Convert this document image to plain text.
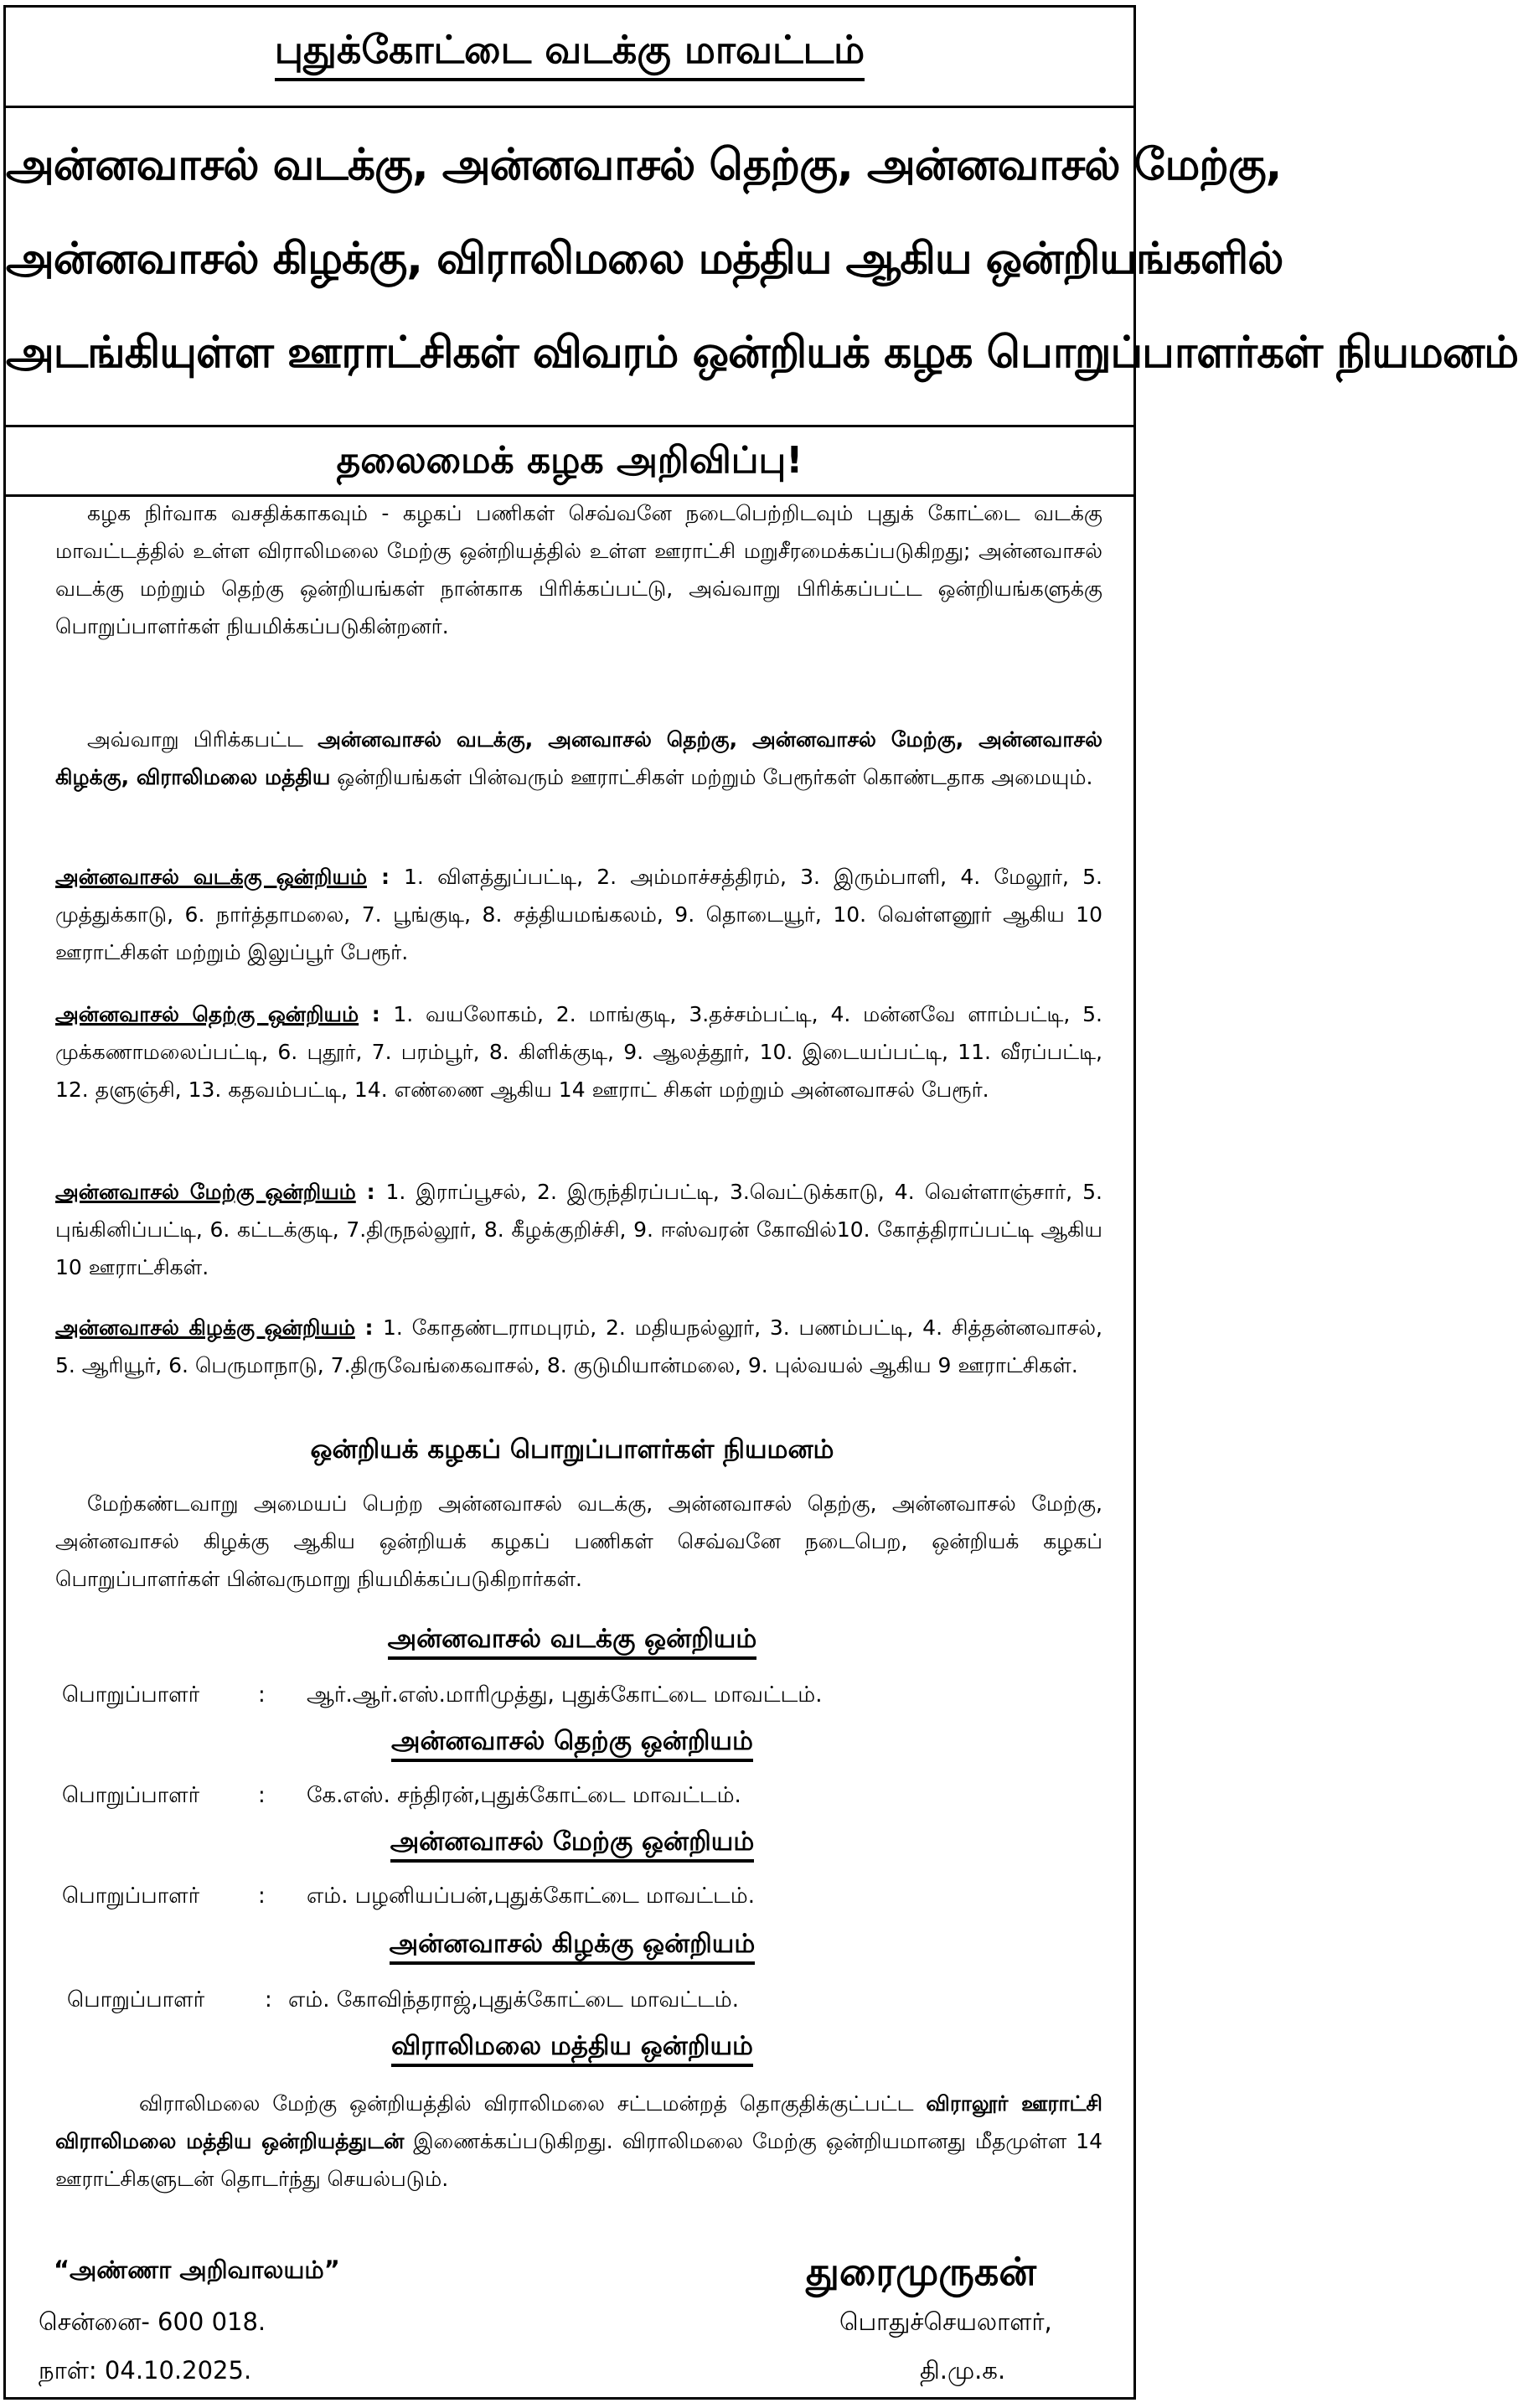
புதுக்கோட்டை வடக்கு மாவட்டம்
அன்னவாசல் வடக்கு, அன்னவாசல் தெற்கு, அன்னவாசல் மேற்கு,
அன்னவாசல் கிழக்கு, விராலிமலை மத்திய ஆகிய ஒன்றியங்களில்
அடங்கியுள்ள ஊராட்சிகள் விவரம் ஒன்றியக் கழக பொறுப்பாளர்கள் நியமனம்
தலைமைக் கழக அறிவிப்பு!
கழக நிர்வாக வசதிக்காகவும் - கழகப் பணிகள் செவ்வனே நடைபெற்றிடவும் புதுக் கோட்டை வடக்கு மாவட்டத்தில் உள்ள விராலிமலை மேற்கு ஒன்றியத்தில் உள்ள ஊராட்சி மறுசீரமைக்கப்படுகிறது; அன்னவாசல் வடக்கு மற்றும் தெற்கு ஒன்றியங்கள் நான்காக பிரிக்கப்பட்டு, அவ்வாறு பிரிக்கப்பட்ட ஒன்றியங்களுக்கு பொறுப்பாளர்கள் நியமிக்கப்படுகின்றனர்.
அவ்வாறு பிரிக்கபட்ட அன்னவாசல் வடக்கு, அனவாசல் தெற்கு, அன்னவாசல் மேற்கு, அன்னவாசல் கிழக்கு, விராலிமலை மத்திய ஒன்றியங்கள் பின்வரும் ஊராட்சிகள் மற்றும் பேரூர்கள் கொண்டதாக அமையும்.
அன்னவாசல் வடக்கு ஒன்றியம் : 1. விளத்துப்பட்டி, 2. அம்மாச்சத்திரம், 3. இரும்பாளி, 4. மேலூர், 5. முத்துக்காடு, 6. நார்த்தாமலை, 7. பூங்குடி, 8. சத்தியமங்கலம், 9. தொடையூர், 10. வெள்ளனூர் ஆகிய 10 ஊராட்சிகள் மற்றும் இலுப்பூர் பேரூர்.
அன்னவாசல் தெற்கு ஒன்றியம் : 1. வயலோகம், 2. மாங்குடி, 3.தச்சம்பட்டி, 4. மன்னவே ளாம்பட்டி, 5. முக்கணாமலைப்பட்டி, 6. புதூர், 7. பரம்பூர், 8. கிளிக்குடி, 9. ஆலத்தூர், 10. இடையப்பட்டி, 11. வீரப்பட்டி, 12. தளுஞ்சி, 13. கதவம்பட்டி, 14. எண்ணை ஆகிய 14 ஊராட் சிகள் மற்றும் அன்னவாசல் பேரூர்.
அன்னவாசல் மேற்கு ஒன்றியம் : 1. இராப்பூசல், 2. இருந்திரப்பட்டி, 3.வெட்டுக்காடு, 4. வெள்ளாஞ்சார், 5. புங்கினிப்பட்டி, 6. கட்டக்குடி, 7.திருநல்லூர், 8. கீழக்குறிச்சி, 9. ஈஸ்வரன் கோவில்10. கோத்திராப்பட்டி ஆகிய 10 ஊராட்சிகள்.
அன்னவாசல் கிழக்கு ஒன்றியம் : 1. கோதண்டராமபுரம், 2. மதியநல்லூர், 3. பணம்பட்டி, 4. சித்தன்னவாசல், 5. ஆரியூர், 6. பெருமாநாடு, 7.திருவேங்கைவாசல், 8. குடுமியான்மலை, 9. புல்வயல் ஆகிய 9 ஊராட்சிகள்.
ஒன்றியக் கழகப் பொறுப்பாளர்கள் நியமனம்
மேற்கண்டவாறு அமையப் பெற்ற அன்னவாசல் வடக்கு, அன்னவாசல் தெற்கு, அன்னவாசல் மேற்கு, அன்னவாசல் கிழக்கு ஆகிய ஒன்றியக் கழகப் பணிகள் செவ்வனே நடைபெற, ஒன்றியக் கழகப் பொறுப்பாளர்கள் பின்வருமாறு நியமிக்கப்படுகிறார்கள்.
அன்னவாசல் வடக்கு ஒன்றியம்
பொறுப்பாளர்	: ஆர்.ஆர்.எஸ்.மாரிமுத்து, புதுக்கோட்டை மாவட்டம்.
அன்னவாசல் தெற்கு ஒன்றியம்
பொறுப்பாளர்	: கே.எஸ். சந்திரன்,புதுக்கோட்டை மாவட்டம்.
அன்னவாசல் மேற்கு ஒன்றியம்
பொறுப்பாளர்	: எம். பழனியப்பன்,புதுக்கோட்டை மாவட்டம்.
அன்னவாசல் கிழக்கு ஒன்றியம்
பொறுப்பாளர்	: எம். கோவிந்தராஜ்,புதுக்கோட்டை மாவட்டம்.
விராலிமலை மத்திய ஒன்றியம்
விராலிமலை மேற்கு ஒன்றியத்தில் விராலிமலை சட்டமன்றத் தொகுதிக்குட்பட்ட விராலூர் ஊராட்சி விராலிமலை மத்திய ஒன்றியத்துடன் இணைக்கப்படுகிறது. விராலிமலை மேற்கு ஒன்றியமானது மீதமுள்ள 14 ஊராட்சிகளுடன் தொடர்ந்து செயல்படும்.
“அண்ணா அறிவாலயம்”
சென்னை- 600 018.
நாள்: 04.10.2025.
துரைமுருகன்
பொதுச்செயலாளர்,
தி.மு.க.
